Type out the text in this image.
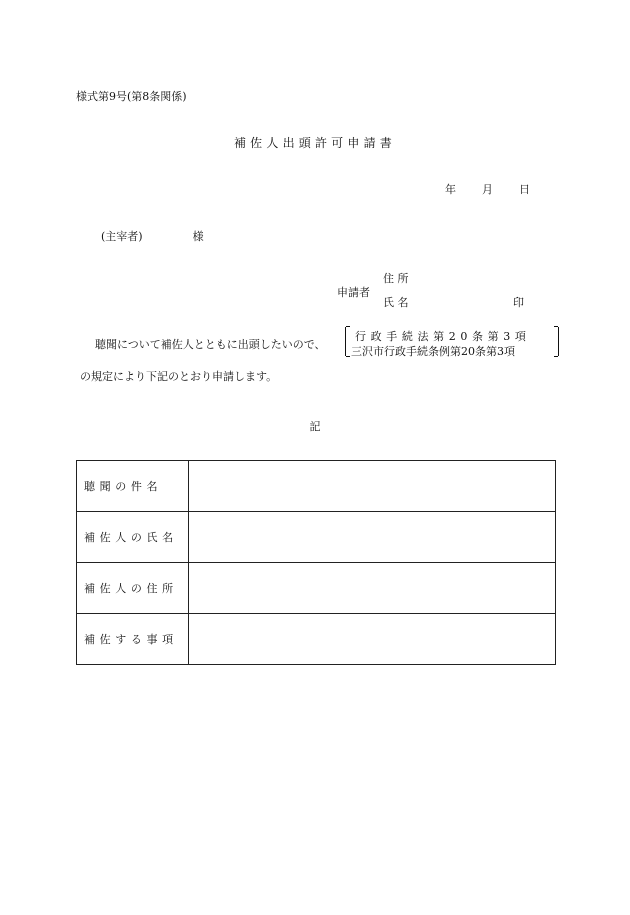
様式第9号(第8条関係)
補佐人出頭許可申請書
年 月 日
(主宰者)	様
申請者
住 所
氏 名	印
聴聞について補佐人とともに出頭したいので、
行政手続法第20条第3項
三沢市行政手続条例第20条第3項
の規定により下記のとおり申請します。
記
聴聞の件名	
補佐人の氏名	
補佐人の住所	
補佐する事項	
